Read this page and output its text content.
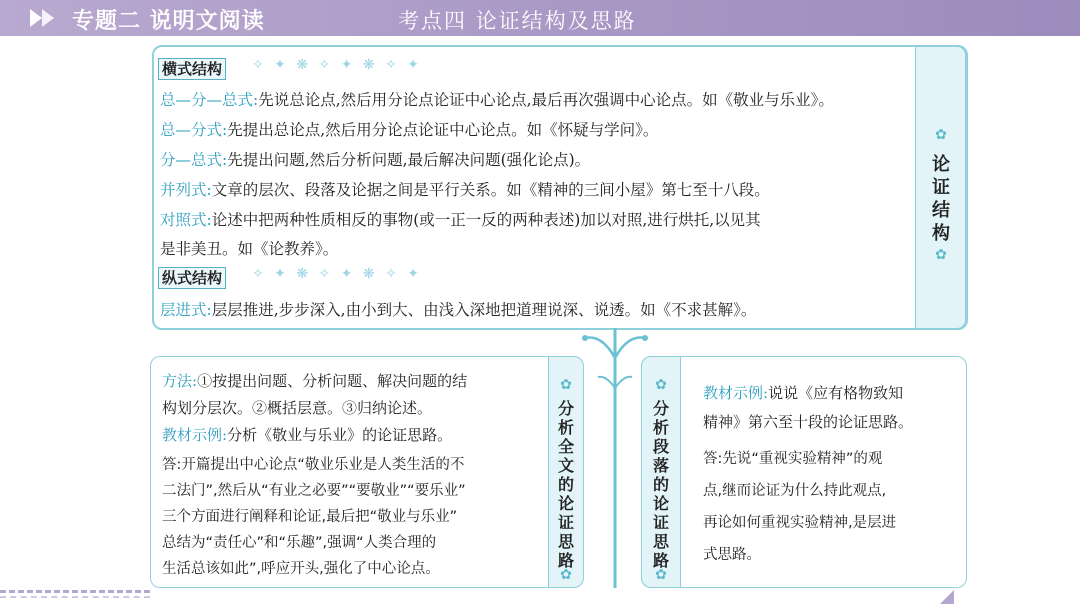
专题二 说明文阅读	考点四 论证结构及思路
✿
论
证
结
构
✿
横式结构 ✧ ✦ ❋ ✧ ✦ ❋ ✧ ✦
总—分—总式:先说总论点,然后用分论点论证中心论点,最后再次强调中心论点。如《敬业与乐业》。
总—分式:先提出总论点,然后用分论点论证中心论点。如《怀疑与学问》。
分—总式:先提出问题,然后分析问题,最后解决问题(强化论点)。
并列式:文章的层次、段落及论据之间是平行关系。如《精神的三间小屋》第七至十八段。
对照式:论述中把两种性质相反的事物(或一正一反的两种表述)加以对照,进行烘托,以见其
是非美丑。如《论教养》。
纵式结构 ✧ ✦ ❋ ✧ ✦ ❋ ✧ ✦
层进式:层层推进,步步深入,由小到大、由浅入深地把道理说深、说透。如《不求甚解》。
✿
分
析
全
文
的
论
证
思
路
✿
方法:①按提出问题、分析问题、解决问题的结
构划分层次。②概括层意。③归纳论述。
教材示例:分析《敬业与乐业》的论证思路。
答:开篇提出中心论点“敬业乐业是人类生活的不
二法门”,然后从“有业之必要”“要敬业”“要乐业”
三个方面进行阐释和论证,最后把“敬业与乐业”
总结为“责任心”和“乐趣”,强调“人类合理的
生活总该如此”,呼应开头,强化了中心论点。
✿
分
析
段
落
的
论
证
思
路
✿
教材示例:说说《应有格物致知
精神》第六至十段的论证思路。
答:先说“重视实验精神”的观
点,继而论证为什么持此观点,
再论如何重视实验精神,是层进
式思路。
